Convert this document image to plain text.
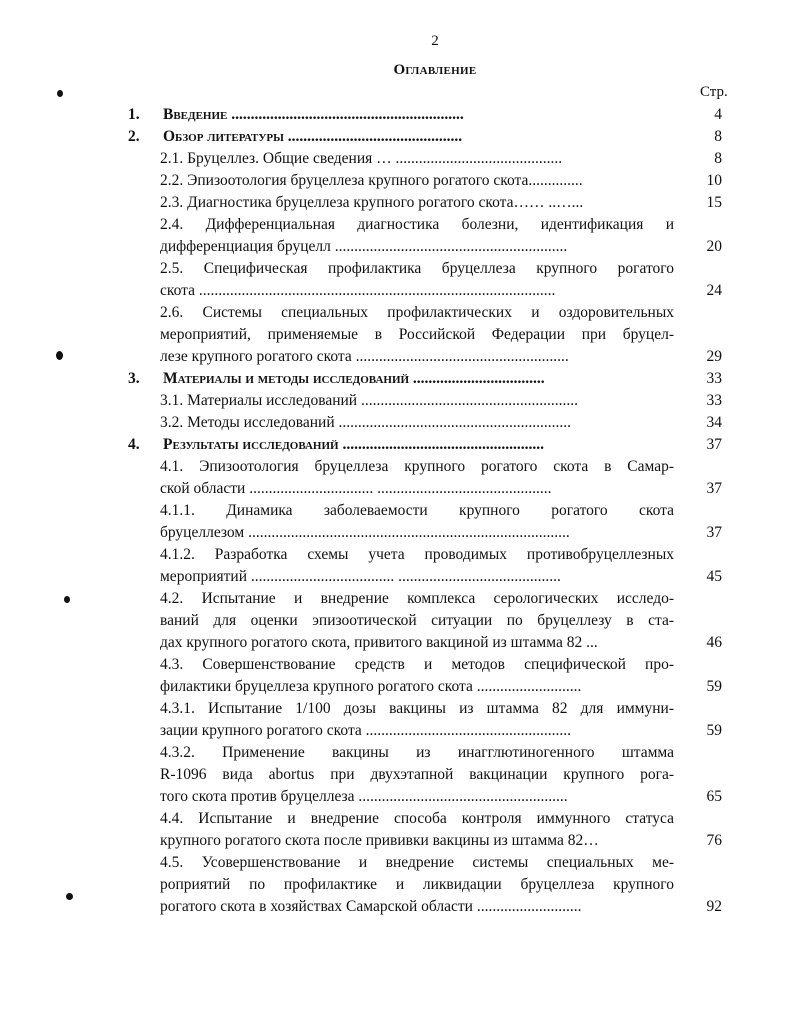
2
Оглавление
Стр.
1.	Введение ............................................................	4
2.	Обзор литературы .............................................	8
2.1. Бруцеллез. Общие сведения … ...........................................	8
2.2. Эпизоотология бруцеллеза крупного рогатого скота..............	10
2.3. Диагностика бруцеллеза крупного рогатого скота…… ..…...	15
2.4. Дифференциальная диагностика болезни, идентификация и
дифференциация бруцелл ............................................................	20
2.5. Специфическая профилактика бруцеллеза крупного рогатого
скота ............................................................................................	24
2.6. Системы специальных профилактических и оздоровительных
мероприятий, применяемые в Российской Федерации при бруцел-
лезе крупного рогатого скота .......................................................	29
3.	Материалы и методы исследований ..................................	33
3.1. Материалы исследований ........................................................	33
3.2. Методы исследований ............................................................	34
4.	Результаты исследований ....................................................	37
4.1. Эпизоотология бруцеллеза крупного рогатого скота в Самар-
ской области ................................ .............................................	37
4.1.1. Динамика заболеваемости крупного рогатого скота
бруцеллезом ...................................................................................	37
4.1.2. Разработка схемы учета проводимых противобруцеллезных
мероприятий ..................................... ..........................................	45
4.2. Испытание и внедрение комплекса серологических исследо-
ваний для оценки эпизоотической ситуации по бруцеллезу в ста-
дах крупного рогатого скота, привитого вакциной из штамма 82 ...	46
4.3. Совершенствование средств и методов специфической про-
филактики бруцеллеза крупного рогатого скота ...........................	59
4.3.1. Испытание 1/100 дозы вакцины из штамма 82 для иммуни-
зации крупного рогатого скота .....................................................	59
4.3.2. Применение вакцины из инагглютиногенного штамма
R-1096 вида abortus при двухэтапной вакцинации крупного рога-
того скота против бруцеллеза ......................................................	65
4.4. Испытание и внедрение способа контроля иммунного статуса
крупного рогатого скота после прививки вакцины из штамма 82…	76
4.5. Усовершенствование и внедрение системы специальных ме-
роприятий по профилактике и ликвидации бруцеллеза крупного
рогатого скота в хозяйствах Самарской области ...........................	92
